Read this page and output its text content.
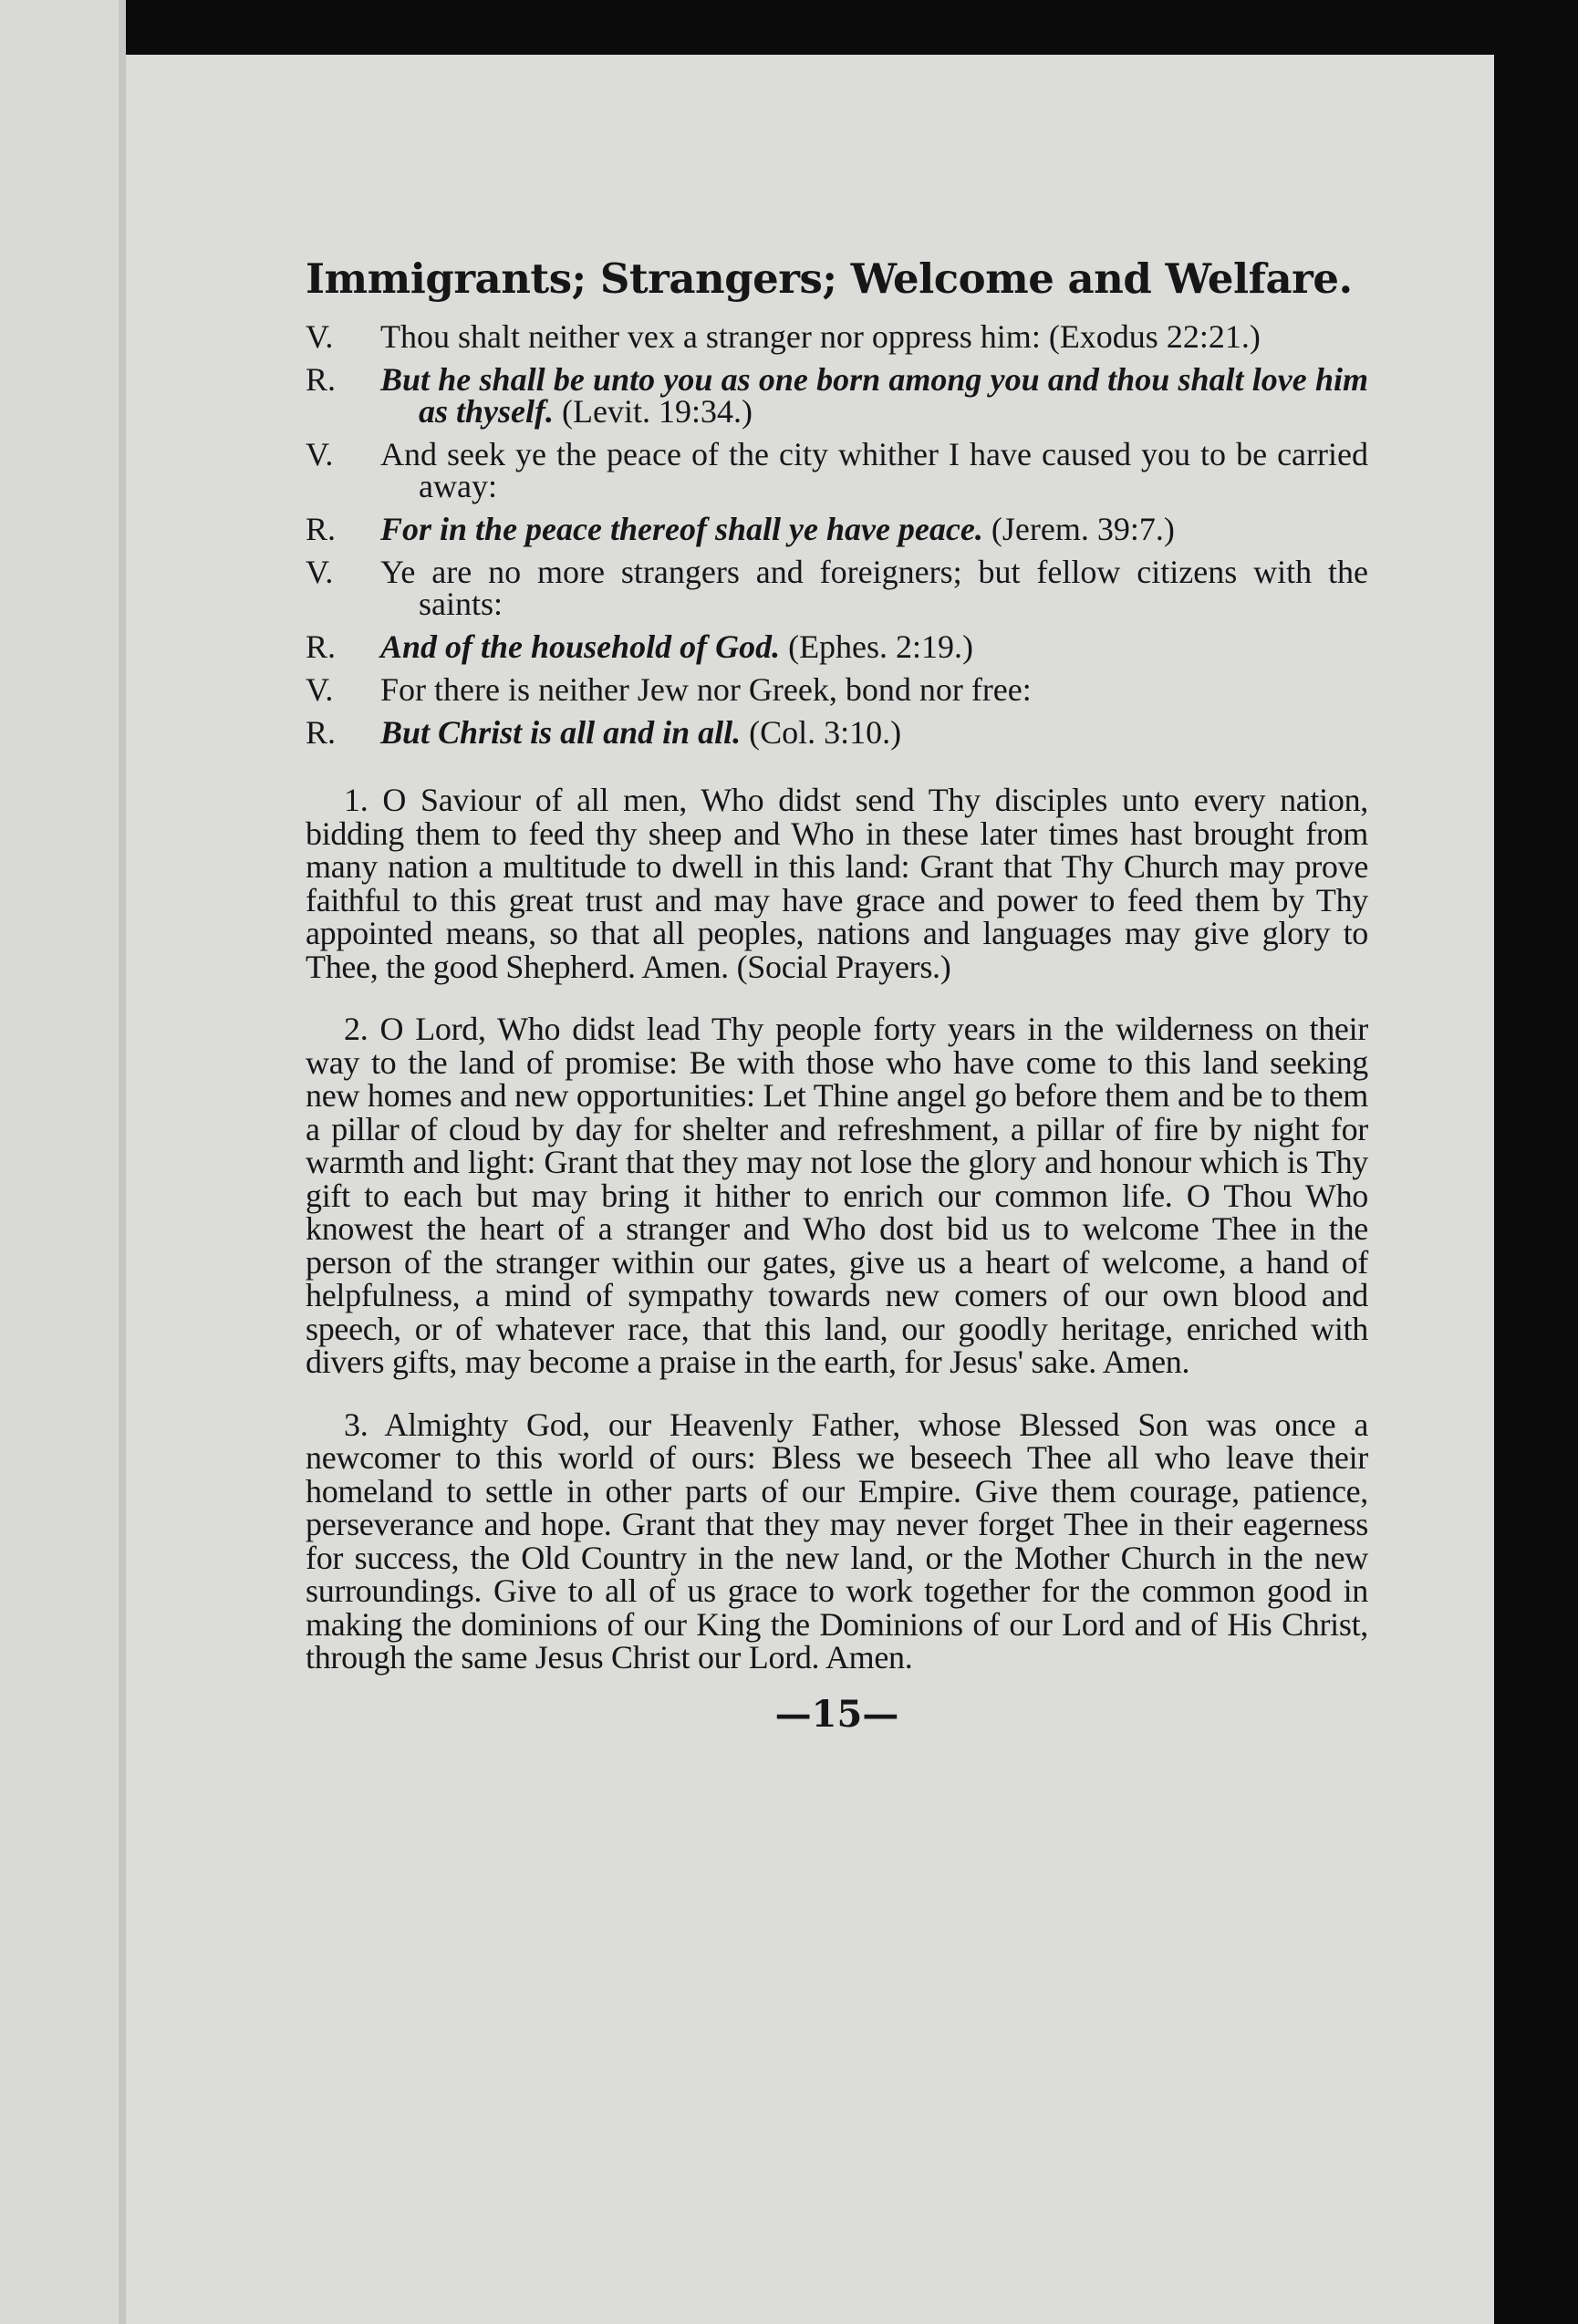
Immigrants; Strangers; Welcome and Welfare.
V.	Thou shalt neither vex a stranger nor oppress him: (Exodus 22:21.)
R.	But he shall be unto you as one born among you and thou shalt love him as thyself. (Levit. 19:34.)
V.	And seek ye the peace of the city whither I have caused you to be carried away:
R.	For in the peace thereof shall ye have peace. (Jerem. 39:7.)
V.	Ye are no more strangers and foreigners; but fellow citizens with the saints:
R.	And of the household of God. (Ephes. 2:19.)
V.	For there is neither Jew nor Greek, bond nor free:
R.	But Christ is all and in all. (Col. 3:10.)

1. O Saviour of all men, Who didst send Thy disciples unto every nation, bidding them to feed thy sheep and Who in these later times hast brought from many nation a multitude to dwell in this land: Grant that Thy Church may prove faithful to this great trust and may have grace and power to feed them by Thy appointed means, so that all peoples, nations and languages may give glory to Thee, the good Shepherd. Amen. (Social Prayers.)

2. O Lord, Who didst lead Thy people forty years in the wilderness on their way to the land of promise: Be with those who have come to this land seeking new homes and new opportunities: Let Thine angel go before them and be to them a pillar of cloud by day for shelter and refreshment, a pillar of fire by night for warmth and light: Grant that they may not lose the glory and honour which is Thy gift to each but may bring it hither to enrich our common life. O Thou Who knowest the heart of a stranger and Who dost bid us to welcome Thee in the person of the stranger within our gates, give us a heart of welcome, a hand of helpfulness, a mind of sympathy towards new comers of our own blood and speech, or of whatever race, that this land, our goodly heritage, enriched with divers gifts, may become a praise in the earth, for Jesus' sake. Amen.

3. Almighty God, our Heavenly Father, whose Blessed Son was once a newcomer to this world of ours: Bless we beseech Thee all who leave their homeland to settle in other parts of our Empire. Give them courage, patience, perseverance and hope. Grant that they may never forget Thee in their eagerness for success, the Old Country in the new land, or the Mother Church in the new surroundings. Give to all of us grace to work together for the common good in making the dominions of our King the Dominions of our Lord and of His Christ, through the same Jesus Christ our Lord. Amen.

—15—
